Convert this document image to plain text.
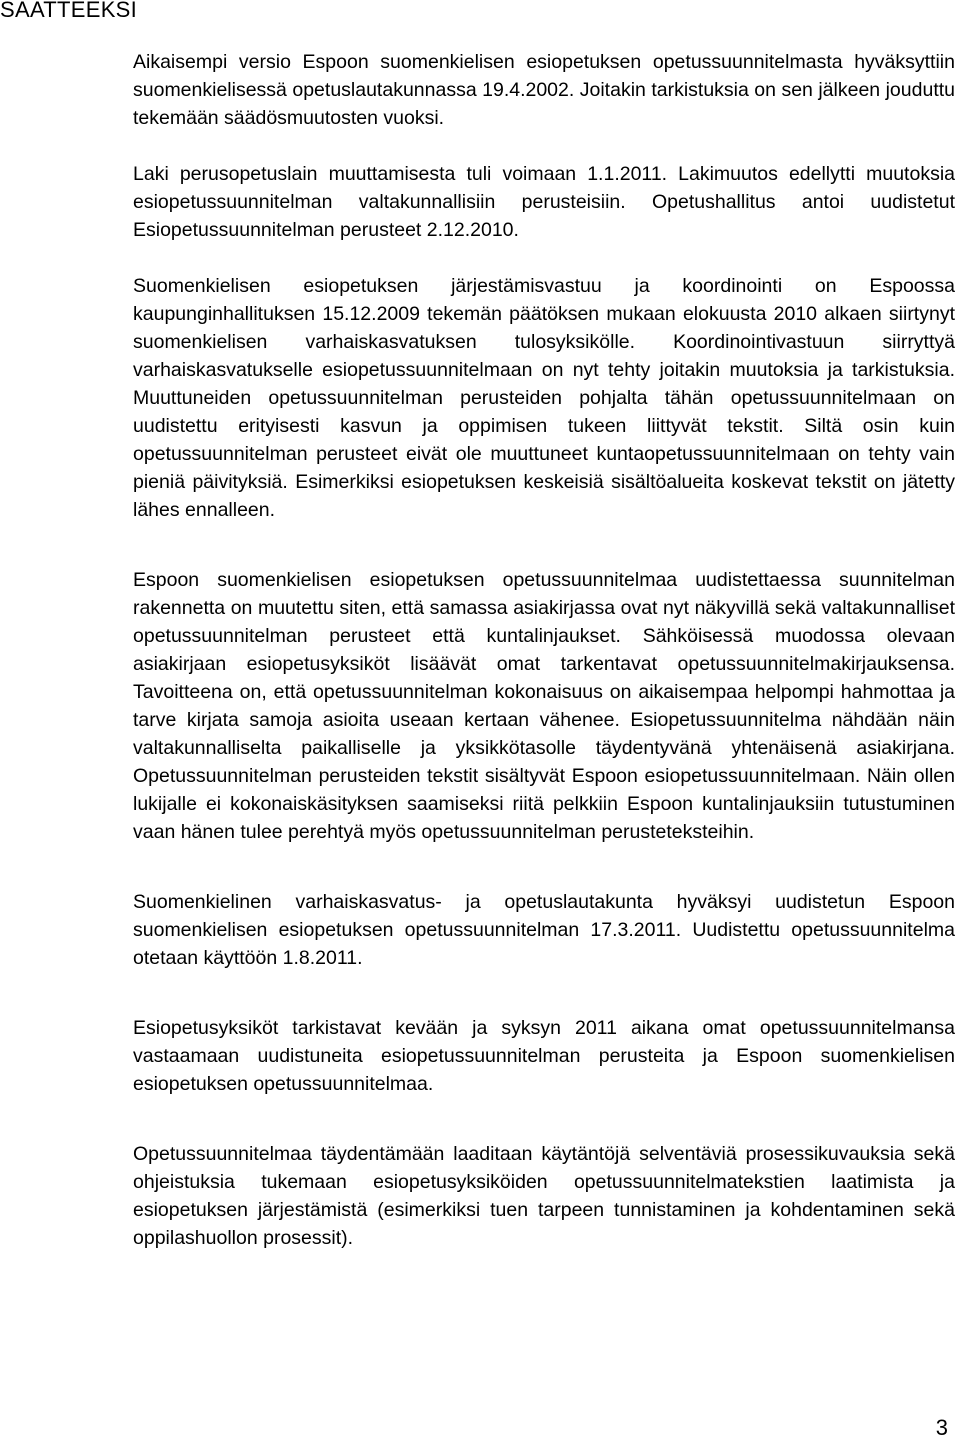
SAATTEEKSI

Aikaisempi versio Espoon suomenkielisen esiopetuksen opetussuunnitelmasta hyväksyttiin suomenkielisessä opetuslautakunnassa 19.4.2002. Joitakin tarkistuksia on sen jälkeen jouduttu tekemään säädösmuutosten vuoksi.

Laki perusopetuslain muuttamisesta tuli voimaan 1.1.2011. Lakimuutos edellytti muutoksia esiopetussuunnitelman valtakunnallisiin perusteisiin. Opetushallitus antoi uudistetut Esiopetussuunnitelman perusteet 2.12.2010.

Suomenkielisen esiopetuksen järjestämisvastuu ja koordinointi on Espoossa kaupunginhallituksen 15.12.2009 tekemän päätöksen mukaan elokuusta 2010 alkaen siirtynyt suomenkielisen varhaiskasvatuksen tulosyksikölle. Koordinointivastuun siirryttyä varhaiskasvatukselle esiopetussuunnitelmaan on nyt tehty joitakin muutoksia ja tarkistuksia. Muuttuneiden opetussuunnitelman perusteiden pohjalta tähän opetussuunnitelmaan on uudistettu erityisesti kasvun ja oppimisen tukeen liittyvät tekstit. Siltä osin kuin opetussuunnitelman perusteet eivät ole muuttuneet kuntaopetussuunnitelmaan on tehty vain pieniä päivityksiä. Esimerkiksi esiopetuksen keskeisiä sisältöalueita koskevat tekstit on jätetty lähes ennalleen.

Espoon suomenkielisen esiopetuksen opetussuunnitelmaa uudistettaessa suunnitelman rakennetta on muutettu siten, että samassa asiakirjassa ovat nyt näkyvillä sekä valtakunnalliset opetussuunnitelman perusteet että kuntalinjaukset. Sähköisessä muodossa olevaan asiakirjaan esiopetusyksiköt lisäävät omat tarkentavat opetussuunnitelmakirjauksensa. Tavoitteena on, että opetussuunnitelman kokonaisuus on aikaisempaa helpompi hahmottaa ja tarve kirjata samoja asioita useaan kertaan vähenee. Esiopetussuunnitelma nähdään näin valtakunnalliselta paikalliselle ja yksikkötasolle täydentyvänä yhtenäisenä asiakirjana. Opetussuunnitelman perusteiden tekstit sisältyvät Espoon esiopetussuunnitelmaan. Näin ollen lukijalle ei kokonaiskäsityksen saamiseksi riitä pelkkiin Espoon kuntalinjauksiin tutustuminen vaan hänen tulee perehtyä myös opetussuunnitelman perusteteksteihin.

Suomenkielinen varhaiskasvatus- ja opetuslautakunta hyväksyi uudistetun Espoon suomenkielisen esiopetuksen opetussuunnitelman 17.3.2011. Uudistettu opetussuunnitelma otetaan käyttöön 1.8.2011.

Esiopetusyksiköt tarkistavat kevään ja syksyn 2011 aikana omat opetussuunnitelmansa vastaamaan uudistuneita esiopetussuunnitelman perusteita ja Espoon suomenkielisen esiopetuksen opetussuunnitelmaa.

Opetussuunnitelmaa täydentämään laaditaan käytäntöjä selventäviä prosessikuvauksia sekä ohjeistuksia tukemaan esiopetusyksiköiden opetussuunnitelmatekstien laatimista ja esiopetuksen järjestämistä (esimerkiksi tuen tarpeen tunnistaminen ja kohdentaminen sekä oppilashuollon prosessit).

3
